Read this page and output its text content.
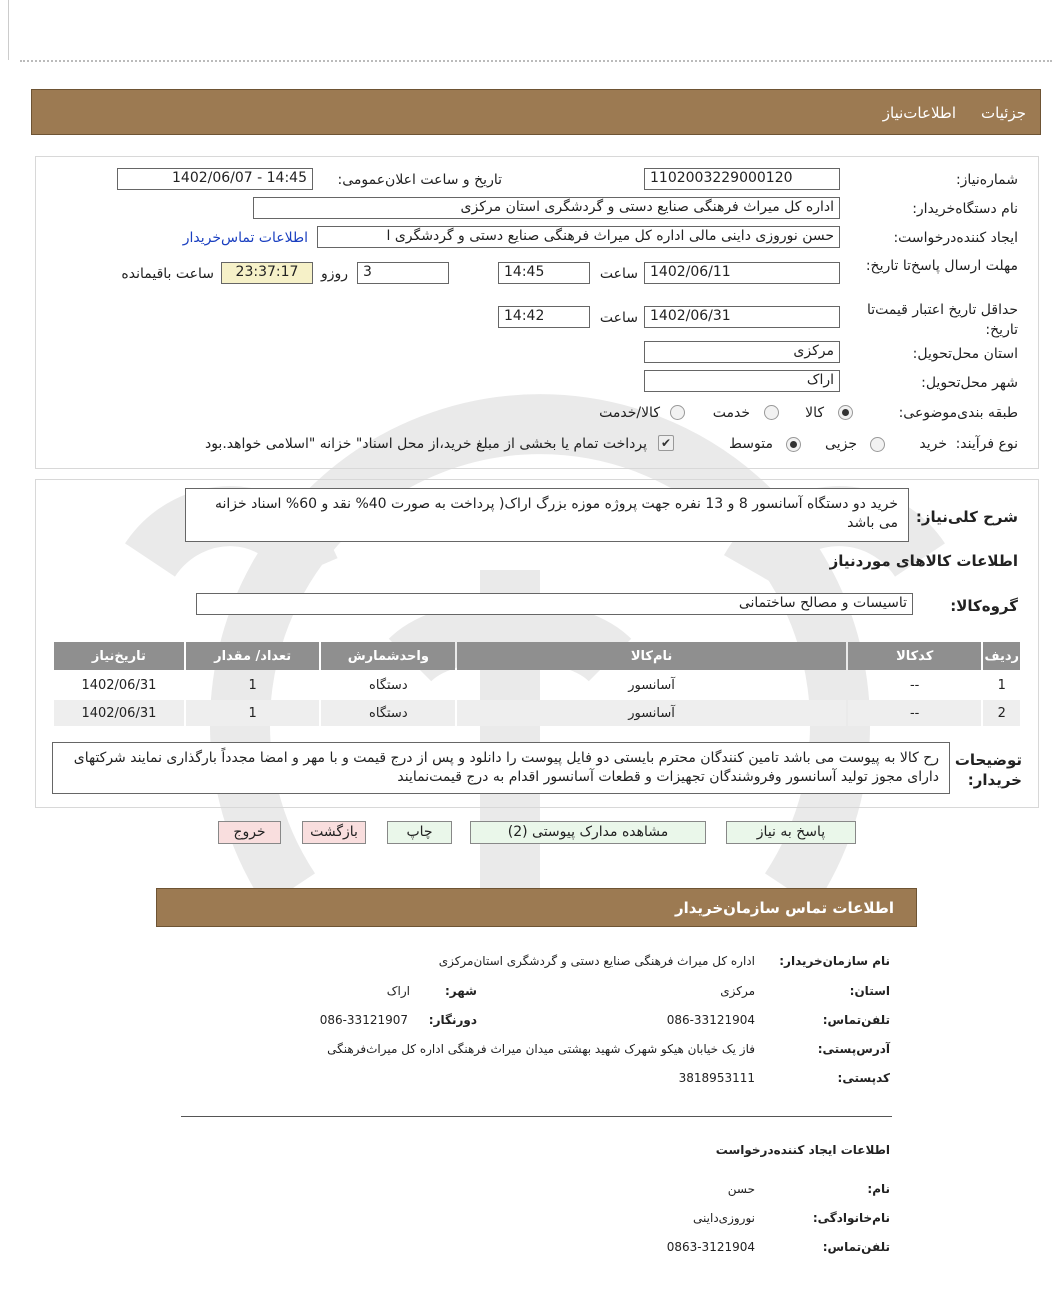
جزئیات
اطلاعات‌نیاز
شماره‌نیاز:
1102003229000120
تاریخ و ساعت اعلان‌عمومی:
1402/06/07 - 14:45
نام دستگاه‌خریدار:
اداره کل میراث فرهنگی صنایع دستی و گردشگری استان مرکزی
ایجاد کننده‌درخواست:
حسن نوروزی داینی مالی اداره کل میراث فرهنگی صنایع دستی و گردشگری ا
اطلاعات تماس‌خریدار
مهلت ارسال پاسخ‌تا تاریخ:
1402/06/11
ساعت
14:45
3
روزو
23:37:17
ساعت باقیمانده
حداقل تاریخ اعتبار قیمت‌تا تاریخ:
1402/06/31
ساعت
14:42
استان محل‌تحویل:
مرکزی
شهر محل‌تحویل:
اراک
طبقه بندی‌موضوعی:
کالا
خدمت
کالا/خدمت
نوع فرآیند:
خرید
جزیی
متوسط
✔
پرداخت تمام یا بخشی از مبلغ خرید،از محل اسناد" خزانه "اسلامی خواهد.بود
شرح کلی‌نیاز:
خرید دو دستگاه آسانسور 8 و 13 نفره جهت پروژه موزه بزرگ اراک( پرداخت به صورت 40% نقد و 60% اسناد خزانه می باشد
اطلاعات کالاهای موردنیاز
گروه‌کالا:
تاسیسات و مصالح ساختمانی
ردیف	کدکالا	نام‌کالا	واحدشمارش	تعداد/ مقدار	تاریخ‌نیاز
1	--	آسانسور	دستگاه	1	1402/06/31
2	--	آسانسور	دستگاه	1	1402/06/31
توضیحات خریدار:
رح کالا به پیوست می باشد تامین کنندگان محترم بایستی دو فایل پیوست را دانلود و پس از درج قیمت و با مهر و امضا مجدداً بارگذاری نمایند شرکتهای دارای مجوز تولید آسانسور وفروشندگان تجهیزات و قطعات آسانسور اقدام به درج قیمت‌نمایند
پاسخ به نیاز
مشاهده مدارک پیوستی (2)
چاپ
بازگشت
خروج
اطلاعات تماس سازمان‌خریدار
نام سازمان‌خریدار:
اداره کل میراث فرهنگی صنایع دستی و گردشگری استان‌مرکزی
استان:
مرکزی
شهر:
اراک
تلفن‌تماس:
086-33121904
دورنگار:
086-33121907
آدرس‌پستی:
فاز یک خیابان هیکو شهرک شهید بهشتی میدان میراث فرهنگی اداره کل میراث‌فرهنگی
کدپستی:
3818953111
اطلاعات ایجاد کننده‌درخواست
نام:
حسن
نام‌خانوادگی:
نوروزی‌داینی
تلفن‌تماس:
0863-3121904
